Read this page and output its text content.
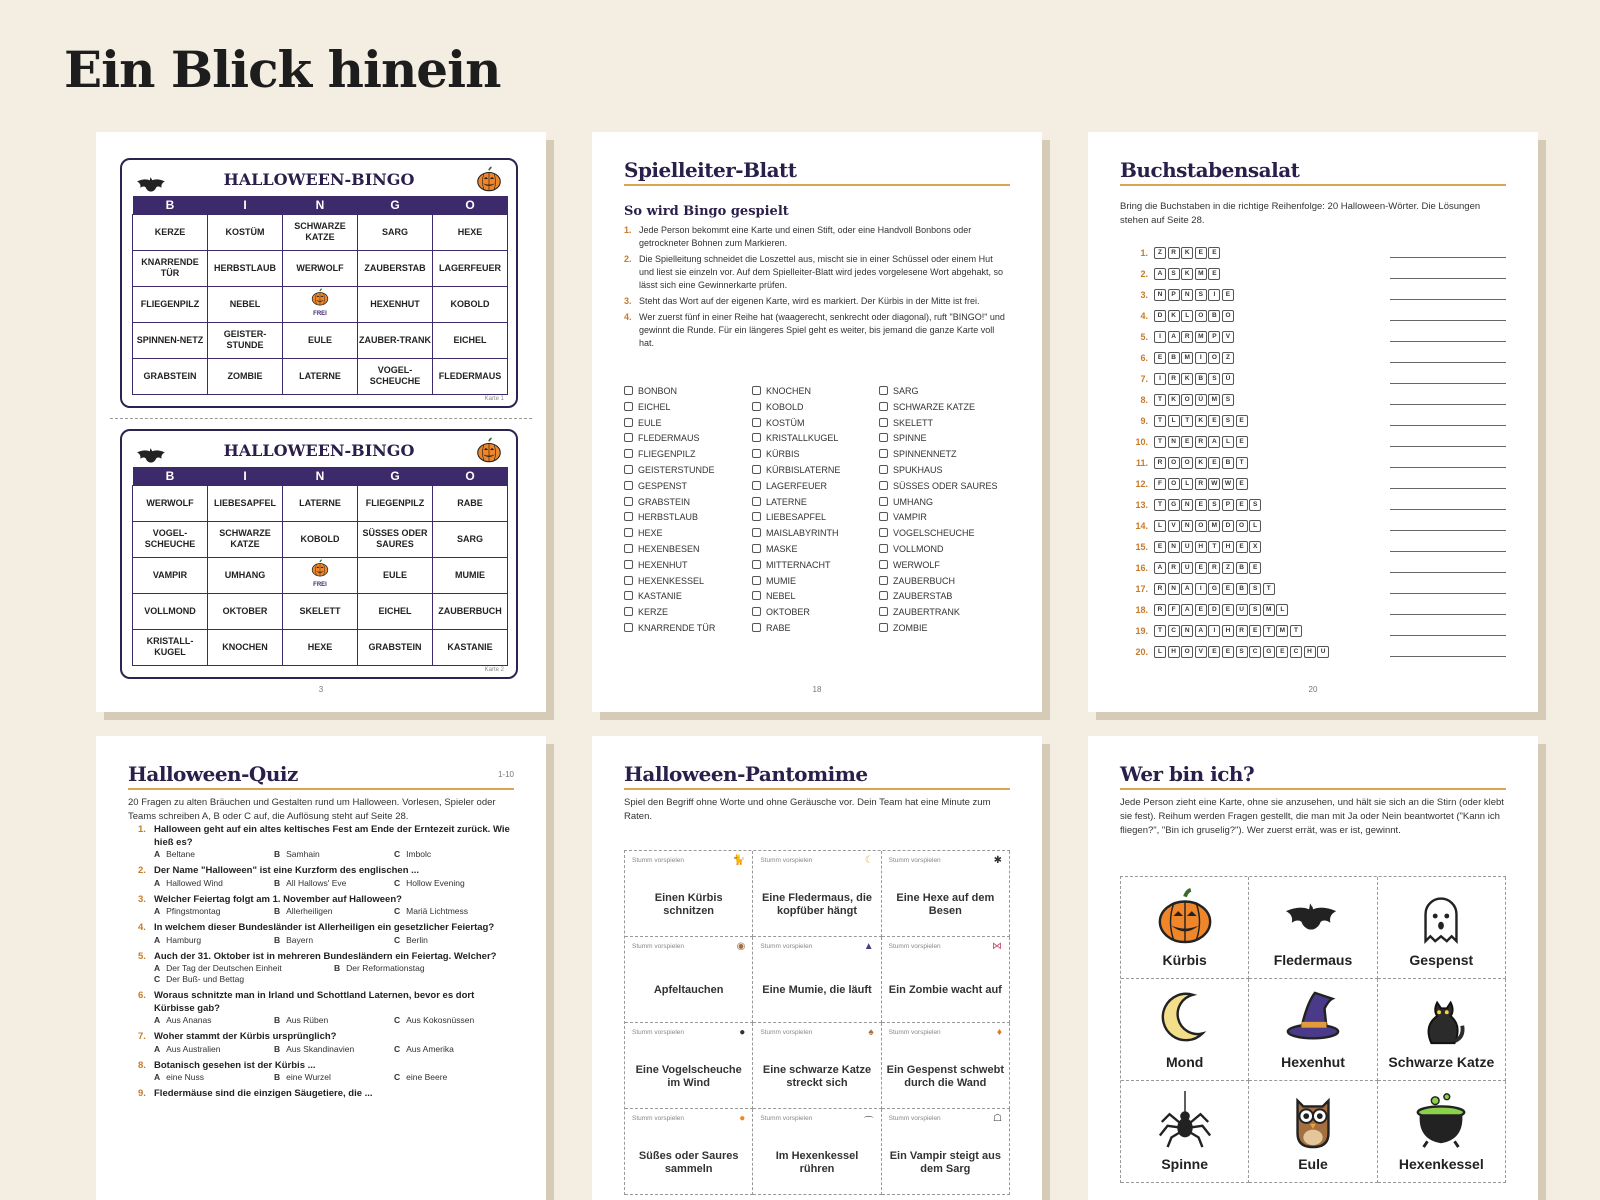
Ein Blick hinein
HALLOWEEN-BINGO
B	I	N	G	O
KERZE	KOSTÜM	SCHWARZE KATZE	SARG	HEXE
KNARRENDE TÜR	HERBSTLAUB	WERWOLF	ZAUBERSTAB	LAGERFEUER
FLIEGENPILZ	NEBEL	FREI	HEXENHUT	KOBOLD
SPINNEN-NETZ	GEISTER-STUNDE	EULE	ZAUBER-TRANK	EICHEL
GRABSTEIN	ZOMBIE	LATERNE	VOGEL-SCHEUCHE	FLEDERMAUS
Karte 1
HALLOWEEN-BINGO
B	I	N	G	O
WERWOLF	LIEBESAPFEL	LATERNE	FLIEGENPILZ	RABE
VOGEL-SCHEUCHE	SCHWARZE KATZE	KOBOLD	SÜSSES ODER SAURES	SARG
VAMPIR	UMHANG	FREI	EULE	MUMIE
VOLLMOND	OKTOBER	SKELETT	EICHEL	ZAUBERBUCH
KRISTALL-KUGEL	KNOCHEN	HEXE	GRABSTEIN	KASTANIE
Karte 2
3
Spielleiter-Blatt
So wird Bingo gespielt
1. Jede Person bekommt eine Karte und einen Stift, oder eine Handvoll Bonbons oder getrockneter Bohnen zum Markieren.
2. Die Spielleitung schneidet die Loszettel aus, mischt sie in einer Schüssel oder einem Hut und liest sie einzeln vor. Auf dem Spielleiter-Blatt wird jedes vorgelesene Wort abgehakt, so lässt sich eine Gewinnerkarte prüfen.
3. Steht das Wort auf der eigenen Karte, wird es markiert. Der Kürbis in der Mitte ist frei.
4. Wer zuerst fünf in einer Reihe hat (waagerecht, senkrecht oder diagonal), ruft "BINGO!" und gewinnt die Runde. Für ein längeres Spiel geht es weiter, bis jemand die ganze Karte voll hat.
BONBON
EICHEL
EULE
FLEDERMAUS
FLIEGENPILZ
GEISTERSTUNDE
GESPENST
GRABSTEIN
HERBSTLAUB
HEXE
HEXENBESEN
HEXENHUT
HEXENKESSEL
KASTANIE
KERZE
KNARRENDE TÜR
KNOCHEN
KOBOLD
KOSTÜM
KRISTALLKUGEL
KÜRBIS
KÜRBISLATERNE
LAGERFEUER
LATERNE
LIEBESAPFEL
MAISLABYRINTH
MASKE
MITTERNACHT
MUMIE
NEBEL
OKTOBER
RABE
SARG
SCHWARZE KATZE
SKELETT
SPINNE
SPINNENNETZ
SPUKHAUS
SÜSSES ODER SAURES
UMHANG
VAMPIR
VOGELSCHEUCHE
VOLLMOND
WERWOLF
ZAUBERBUCH
ZAUBERSTAB
ZAUBERTRANK
ZOMBIE
18
Buchstabensalat
Bring die Buchstaben in die richtige Reihenfolge: 20 Halloween-Wörter. Die Lösungen stehen auf Seite 28.
1.	Z	R	K	E	E
2.	A	S	K	M	E
3.	N	P	N	S	I	E
4.	D	K	L	O	B	O
5.	I	A	R	M	P	V
6.	E	B	M	I	O	Z
7.	I	R	K	B	S	Ü
8.	T	K	O	Ü	M	S
9.	T	L	T	K	E	S	E
10.	T	N	E	R	A	L	E
11.	R	O	O	K	E	B	T
12.	F	O	L	R	W	W	E
13.	T	G	N	E	S	P	E	S
14.	L	V	N	O	M	D	O	L
15.	E	N	U	H	T	H	E	X
16.	A	R	U	E	R	Z	B	E
17.	R	N	A	I	G	E	B	S	T
18.	R	F	A	E	D	E	U	S	M	L
19.	T	C	N	A	I	H	R	E	T	M	T
20.	L	H	O	V	E	E	S	C	G	E	C	H	U
20
Halloween-Quiz	1-10
20 Fragen zu alten Bräuchen und Gestalten rund um Halloween. Vorlesen, Spieler oder Teams schreiben A, B oder C auf, die Auflösung steht auf Seite 28.
1. Halloween geht auf ein altes keltisches Fest am Ende der Erntezeit zurück. Wie hieß es?
A Beltane	B Samhain	C Imbolc
2. Der Name "Halloween" ist eine Kurzform des englischen ...
A Hallowed Wind	B All Hallows' Eve	C Hollow Evening
3. Welcher Feiertag folgt am 1. November auf Halloween?
A Pfingstmontag	B Allerheiligen	C Mariä Lichtmess
4. In welchem dieser Bundesländer ist Allerheiligen ein gesetzlicher Feiertag?
A Hamburg	B Bayern	C Berlin
5. Auch der 31. Oktober ist in mehreren Bundesländern ein Feiertag. Welcher?
A Der Tag der Deutschen Einheit	B Der Reformationstag
C Der Buß- und Bettag
6. Woraus schnitzte man in Irland und Schottland Laternen, bevor es dort Kürbisse gab?
A Aus Ananas	B Aus Rüben	C Aus Kokosnüssen
7. Woher stammt der Kürbis ursprünglich?
A Aus Australien	B Aus Skandinavien	C Aus Amerika
8. Botanisch gesehen ist der Kürbis ...
A eine Nuss	B eine Wurzel	C eine Beere
9. Fledermäuse sind die einzigen Säugetiere, die ...
Halloween-Pantomime
Spiel den Begriff ohne Worte und ohne Geräusche vor. Dein Team hat eine Minute zum Raten.
Stumm vorspielen	🐈
Einen Kürbis schnitzen
Stumm vorspielen	☾
Eine Fledermaus, die kopfüber hängt
Stumm vorspielen	✱
Eine Hexe auf dem Besen
Stumm vorspielen	◉
Apfeltauchen
Stumm vorspielen	▲
Eine Mumie, die läuft
Stumm vorspielen	⋈
Ein Zombie wacht auf
Stumm vorspielen	●
Eine Vogelscheuche im Wind
Stumm vorspielen	♠
Eine schwarze Katze streckt sich
Stumm vorspielen	♦
Ein Gespenst schwebt durch die Wand
Stumm vorspielen	●
Süßes oder Saures sammeln
Stumm vorspielen	⌒
Im Hexenkessel rühren
Stumm vorspielen	☖
Ein Vampir steigt aus dem Sarg
Wer bin ich?
Jede Person zieht eine Karte, ohne sie anzusehen, und hält sie sich an die Stirn (oder klebt sie fest). Reihum werden Fragen gestellt, die man mit Ja oder Nein beantwortet ("Kann ich fliegen?", "Bin ich gruselig?"). Wer zuerst errät, was er ist, gewinnt.
Kürbis	Fledermaus	Gespenst
Mond	Hexenhut	Schwarze Katze
Spinne	Eule	Hexenkessel
